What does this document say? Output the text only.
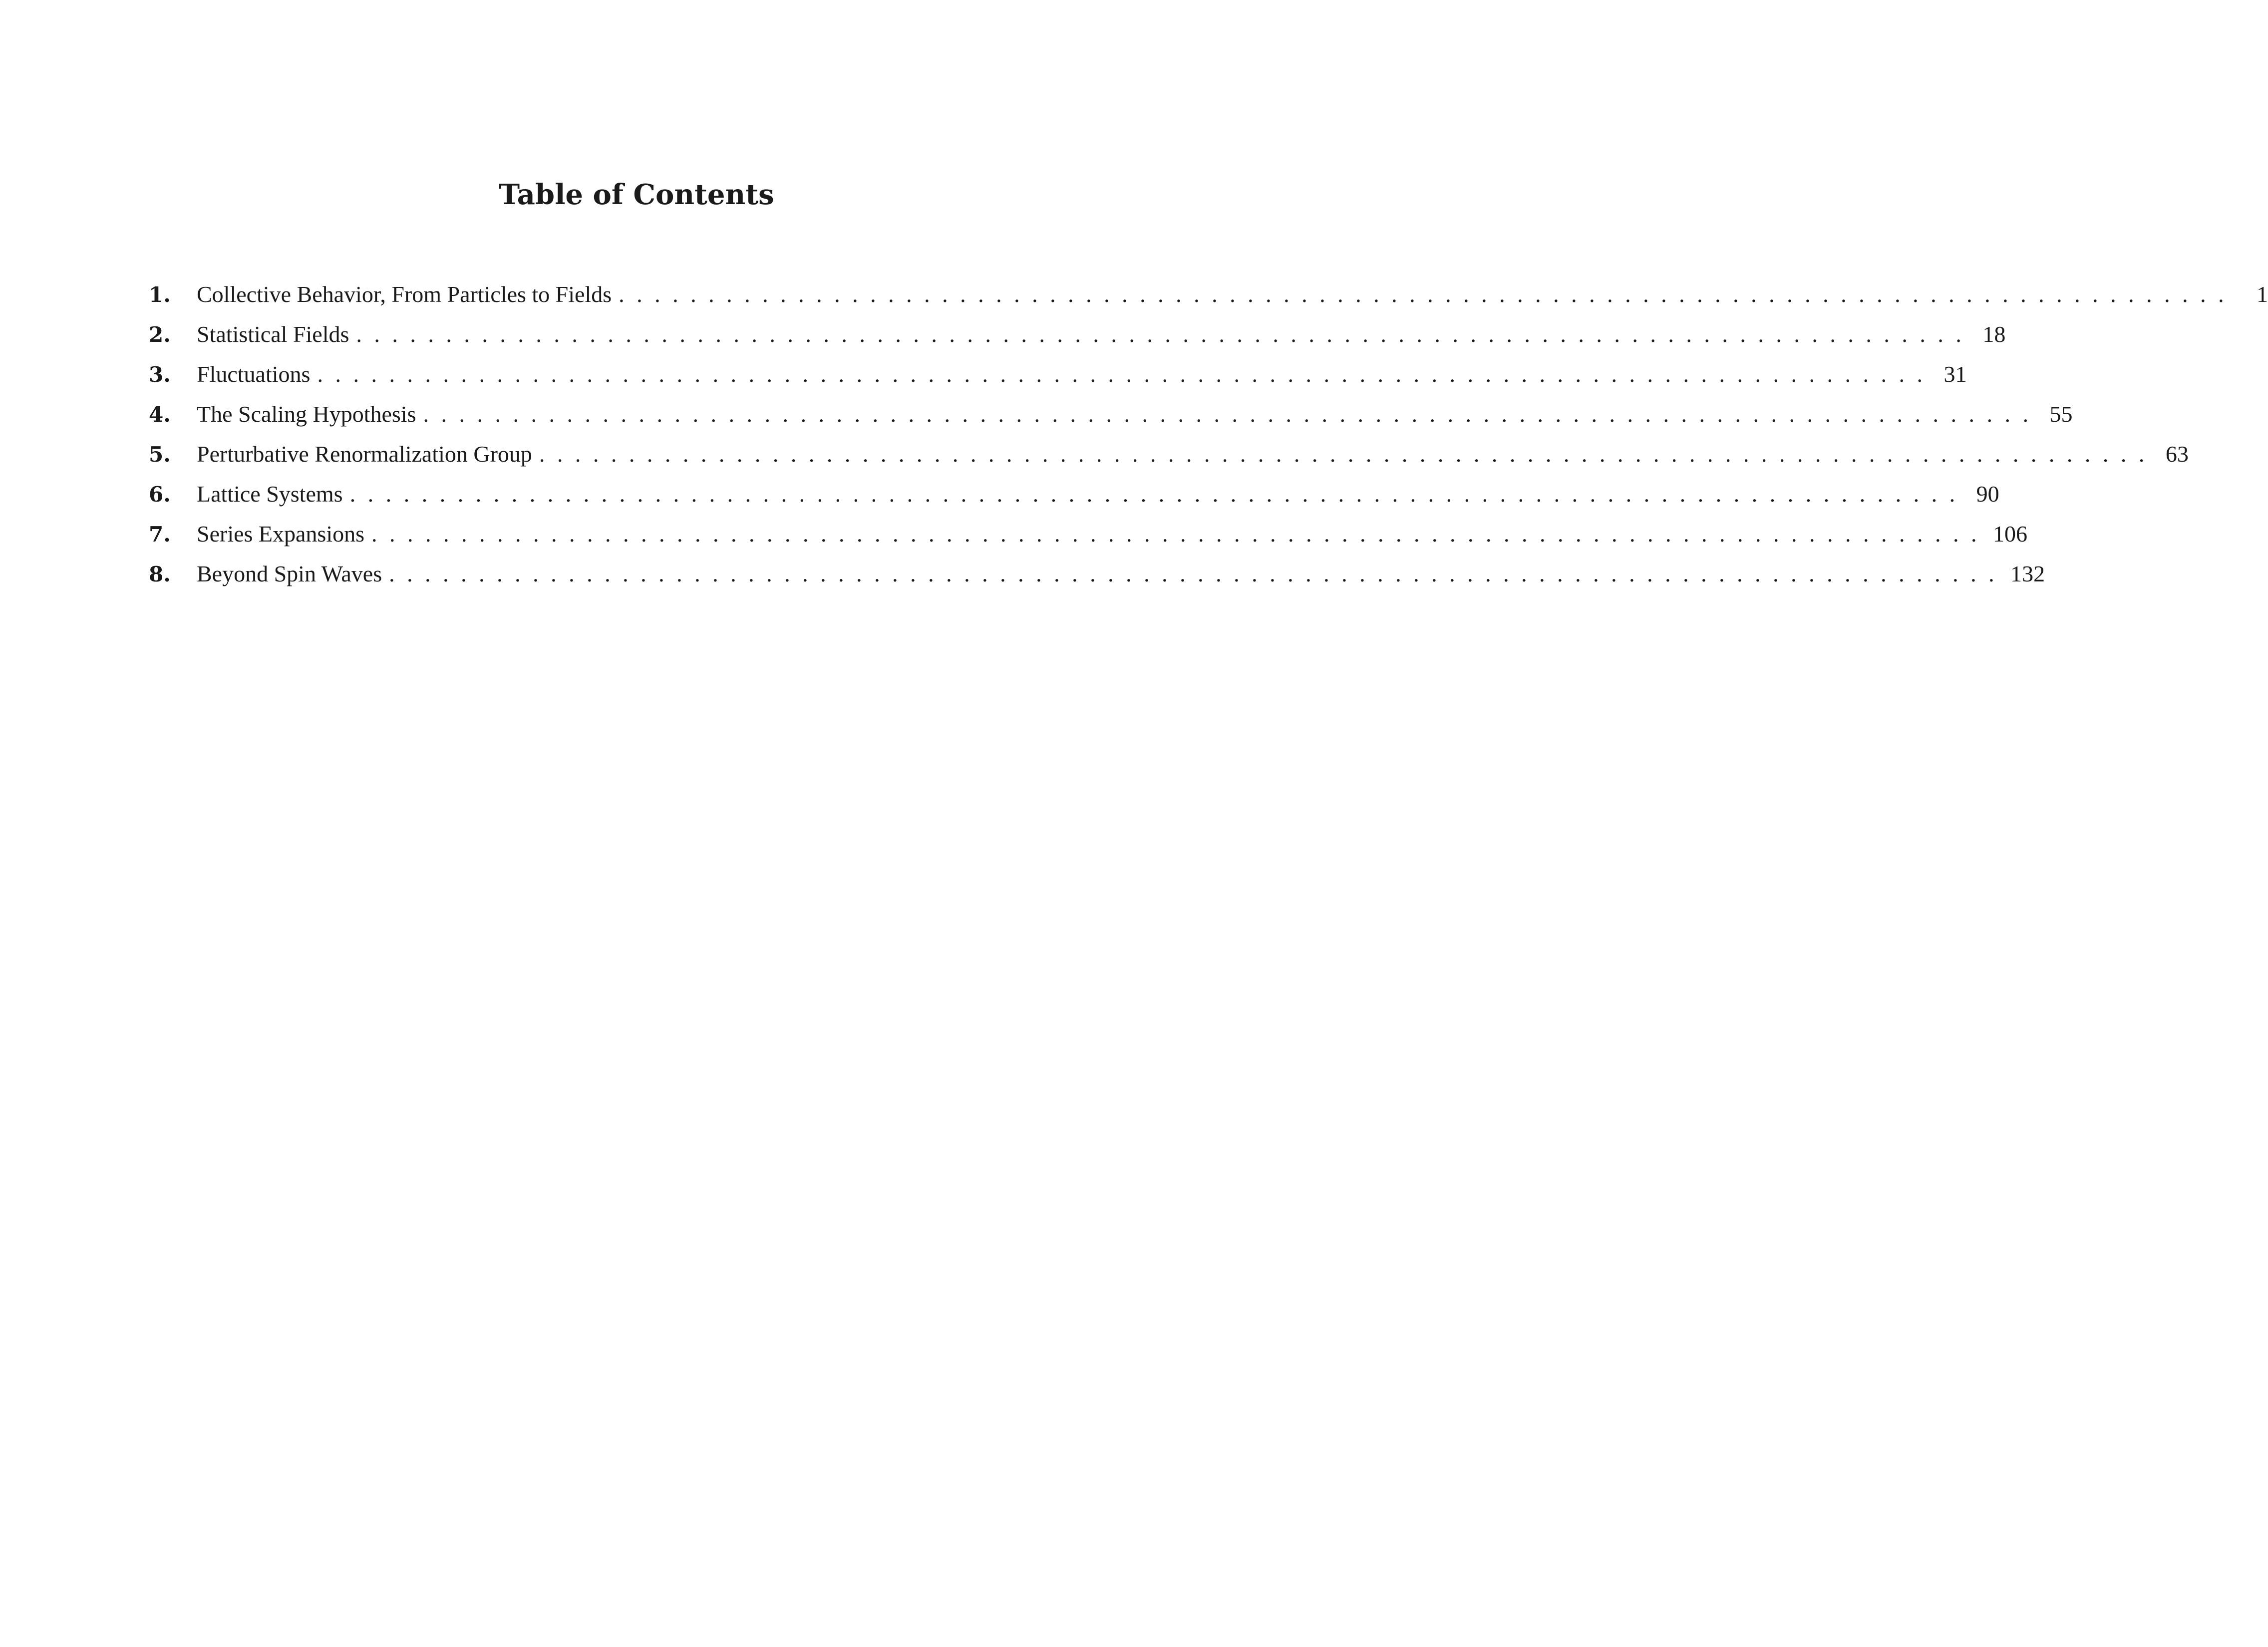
Table of Contents
1.	Collective Behavior, From Particles to Fields .......................................................................................... 1
2.	Statistical Fields .......................................................................................... 18
3.	Fluctuations .......................................................................................... 31
4.	The Scaling Hypothesis .......................................................................................... 55
5.	Perturbative Renormalization Group .......................................................................................... 63
6.	Lattice Systems .......................................................................................... 90
7.	Series Expansions .......................................................................................... 106
8.	Beyond Spin Waves .......................................................................................... 132
